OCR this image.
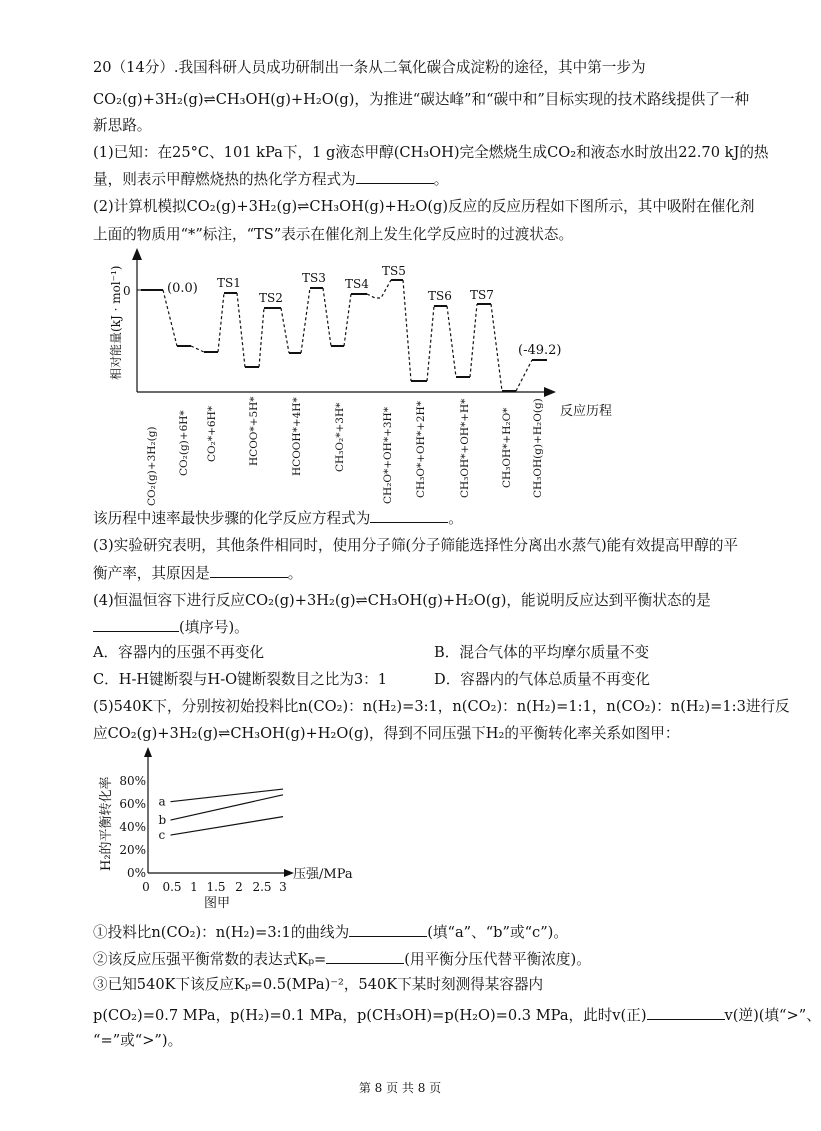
20（14分）.我国科研人员成功研制出一条从二氧化碳合成淀粉的途径，其中第一步为
CO₂(g)+3H₂(g)⇌CH₃OH(g)+H₂O(g)，为推进“碳达峰”和“碳中和”目标实现的技术路线提供了一种
新思路。
(1)已知：在25°C、101 kPa下，1 g液态甲醇(CH₃OH)完全燃烧生成CO₂和液态水时放出22.70 kJ的热
量，则表示甲醇燃烧热的热化学方程式为	。
(2)计算机模拟CO₂(g)+3H₂(g)⇌CH₃OH(g)+H₂O(g)反应的反应历程如下图所示，其中吸附在催化剂
上面的物质用“*”标注，“TS”表示在催化剂上发生化学反应时的过渡状态。
0
相对能量(kJ · mol⁻¹)
反应历程
(0.0)
(-49.2)
TS1
TS2
TS3 TS4
TS5
TS6 TS7
CO₂(g)+3H₂(g) CO₂(g)+6H* CO₂*+6H*	HCOO*+5H*	HCOOH*+4H*	CH₃O₂*+3H*	CH₂O*+OH*+3H* CH₃O*+OH*+2H*	CH₃OH*+OH*+H*	CH₃OH*+H₂O* CH₃OH(g)+H₂O(g)
该历程中速率最快步骤的化学反应方程式为	。
(3)实验研究表明，其他条件相同时，使用分子筛(分子筛能选择性分离出水蒸气)能有效提高甲醇的平
衡产率，其原因是	。
(4)恒温恒容下进行反应CO₂(g)+3H₂(g)⇌CH₃OH(g)+H₂O(g)，能说明反应达到平衡状态的是
(填序号)。
A．容器内的压强不再变化	B．混合气体的平均摩尔质量不变
C．H-H键断裂与H-O键断裂数目之比为3：1	D．容器内的气体总质量不再变化
(5)540K下，分别按初始投料比n(CO₂)：n(H₂)=3:1，n(CO₂)：n(H₂)=1:1，n(CO₂)：n(H₂)=1:3进行反
应CO₂(g)+3H₂(g)⇌CH₃OH(g)+H₂O(g)，得到不同压强下H₂的平衡转化率关系如图甲：
压强/MPa
H₂的平衡转化率
图甲
0%
20%
40%
60%
80%
0 0.5 1 1.5 2 2.5 3
a
b
c
①投料比n(CO₂)：n(H₂)=3:1的曲线为	(填“a”、“b”或“c”)。
②该反应压强平衡常数的表达式Kₚ=	(用平衡分压代替平衡浓度)。
③已知540K下该反应Kₚ=0.5(MPa)⁻²，540K下某时刻测得某容器内
p(CO₂)=0.7 MPa，p(H₂)=0.1 MPa，p(CH₃OH)=p(H₂O)=0.3 MPa，此时v(正)	v(逆)(填“>”、
“=”或“>”)。
第 8 页 共 8 页
